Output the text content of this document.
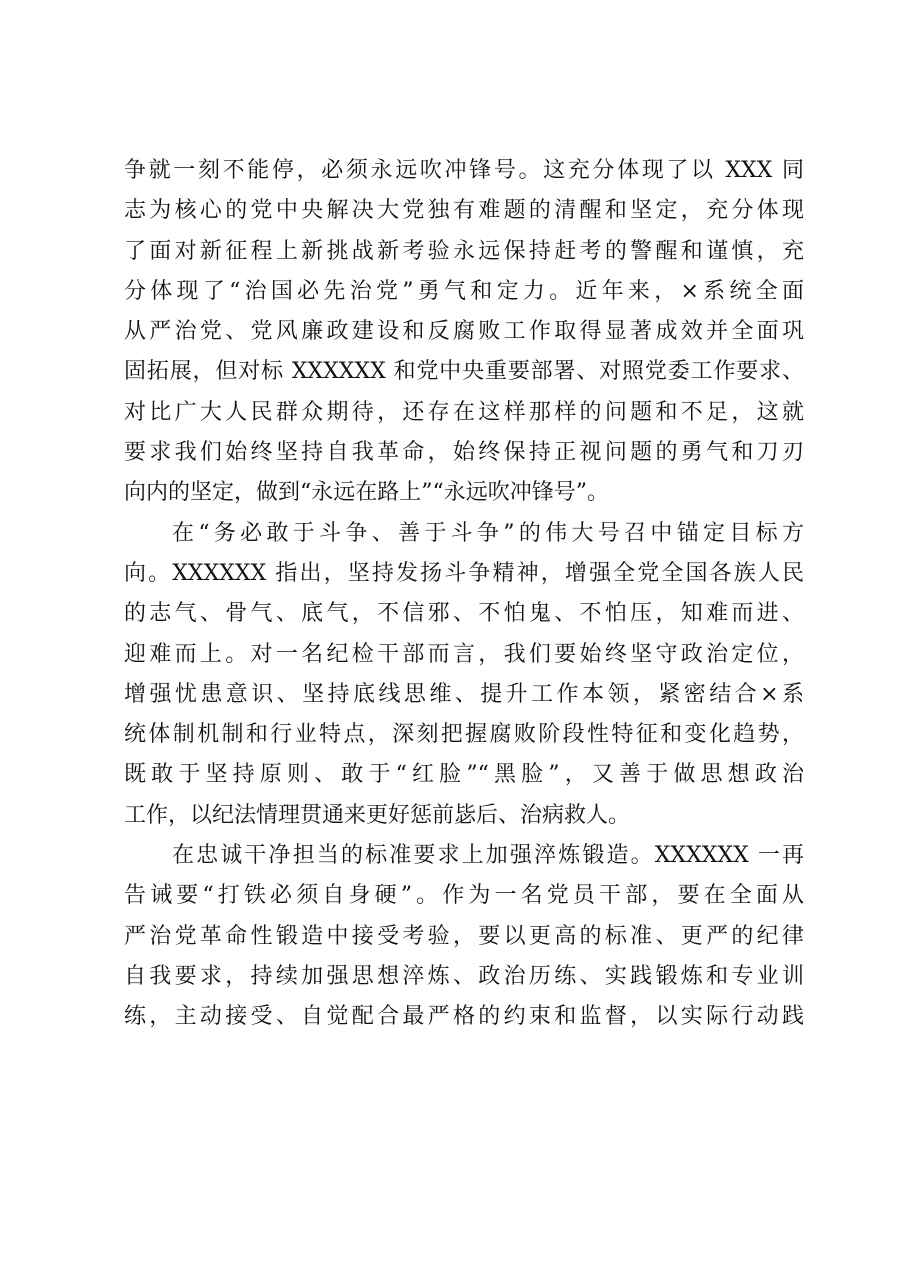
争就一刻不能停，必须永远吹冲锋号。这充分体现了以 XXX 同
志为核心的党中央解决大党独有难题的清醒和坚定，充分体现
了面对新征程上新挑战新考验永远保持赶考的警醒和谨慎，充
分体现了“治国必先治党”勇气和定力。近年来，×系统全面
从严治党、党风廉政建设和反腐败工作取得显著成效并全面巩
固拓展，但对标 XXXXXX 和党中央重要部署、对照党委工作要求、
对比广大人民群众期待，还存在这样那样的问题和不足，这就
要求我们始终坚持自我革命，始终保持正视问题的勇气和刀刃
向内的坚定，做到“永远在路上”“永远吹冲锋号”。
在“务必敢于斗争、善于斗争”的伟大号召中锚定目标方
向。XXXXXX 指出，坚持发扬斗争精神，增强全党全国各族人民
的志气、骨气、底气，不信邪、不怕鬼、不怕压，知难而进、
迎难而上。对一名纪检干部而言，我们要始终坚守政治定位，
增强忧患意识、坚持底线思维、提升工作本领，紧密结合×系
统体制机制和行业特点，深刻把握腐败阶段性特征和变化趋势，
既敢于坚持原则、敢于“红脸”“黑脸”，又善于做思想政治
工作，以纪法情理贯通来更好惩前毖后、治病救人。
在忠诚干净担当的标准要求上加强淬炼锻造。XXXXXX 一再
告诫要“打铁必须自身硬”。作为一名党员干部，要在全面从
严治党革命性锻造中接受考验，要以更高的标准、更严的纪律
自我要求，持续加强思想淬炼、政治历练、实践锻炼和专业训
练，主动接受、自觉配合最严格的约束和监督，以实际行动践
